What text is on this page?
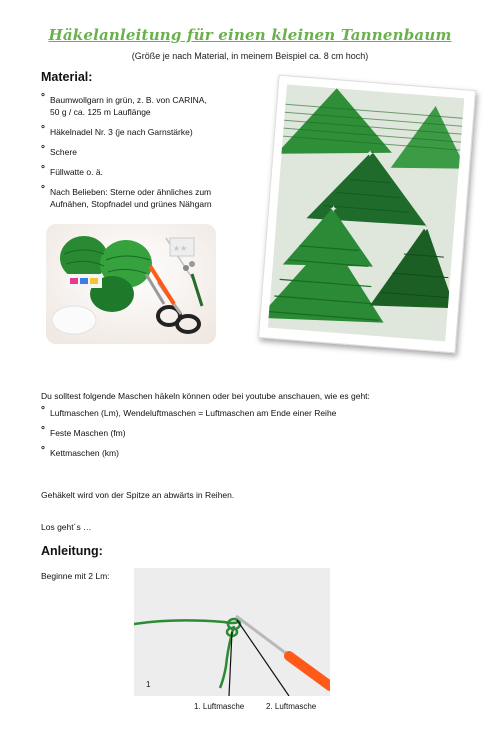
Häkelanleitung für einen kleinen Tannenbaum
(Größe je nach Material, in meinem Beispiel ca. 8 cm hoch)
Material:
° Baumwollgarn in grün, z. B. von CARINA,
50 g / ca. 125 m Lauflänge
° Häkelnadel Nr. 3 (je nach Garnstärke)
° Schere
° Füllwatte o. ä.
° Nach Belieben: Sterne oder ähnliches zum
Aufnähen, Stopfnadel und grünes Nähgarn
★★
✦
✦
✦
Du solltest folgende Maschen häkeln können oder bei youtube anschauen, wie es geht:
° Luftmaschen (Lm), Wendeluftmaschen = Luftmaschen am Ende einer Reihe
° Feste Maschen (fm)
° Kettmaschen (km)
Gehäkelt wird von der Spitze an abwärts in Reihen.
Los geht´s …
Anleitung:
Beginne mit 2 Lm:
1
1. Luftmasche	2. Luftmasche
